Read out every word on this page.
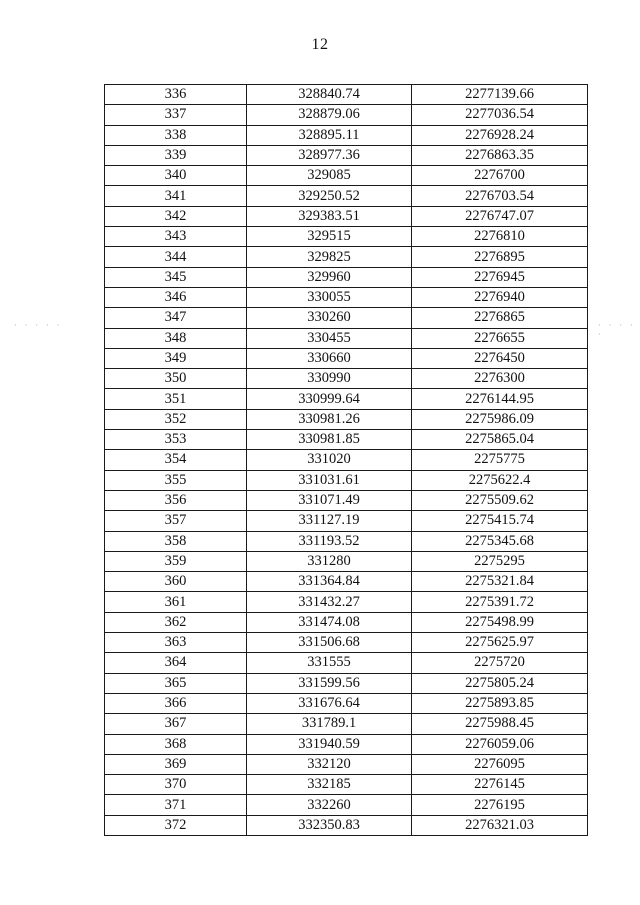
12
· · · · ·	· · · · ·
336	328840.74	2277139.66
337	328879.06	2277036.54
338	328895.11	2276928.24
339	328977.36	2276863.35
340	329085	2276700
341	329250.52	2276703.54
342	329383.51	2276747.07
343	329515	2276810
344	329825	2276895
345	329960	2276945
346	330055	2276940
347	330260	2276865
348	330455	2276655
349	330660	2276450
350	330990	2276300
351	330999.64	2276144.95
352	330981.26	2275986.09
353	330981.85	2275865.04
354	331020	2275775
355	331031.61	2275622.4
356	331071.49	2275509.62
357	331127.19	2275415.74
358	331193.52	2275345.68
359	331280	2275295
360	331364.84	2275321.84
361	331432.27	2275391.72
362	331474.08	2275498.99
363	331506.68	2275625.97
364	331555	2275720
365	331599.56	2275805.24
366	331676.64	2275893.85
367	331789.1	2275988.45
368	331940.59	2276059.06
369	332120	2276095
370	332185	2276145
371	332260	2276195
372	332350.83	2276321.03
